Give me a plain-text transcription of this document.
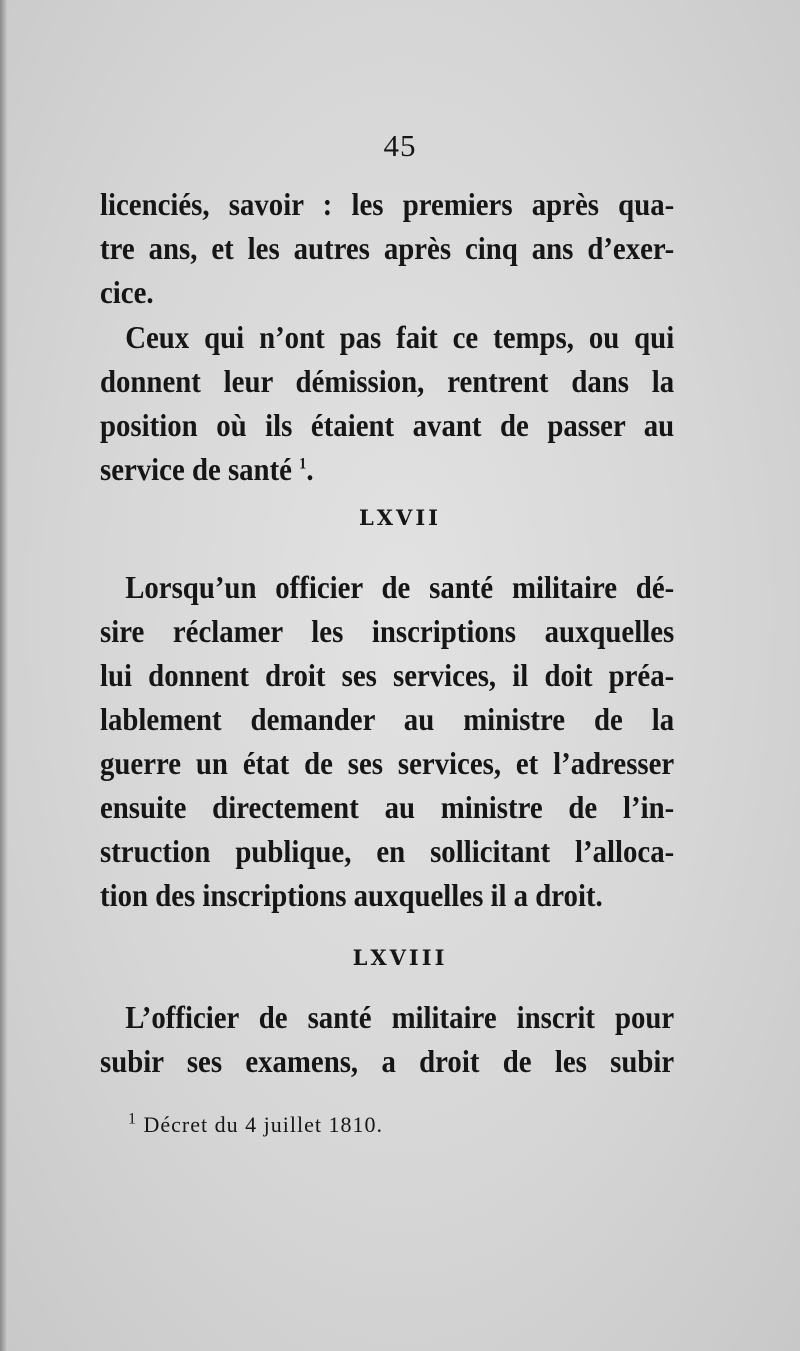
45
licenciés, savoir : les premiers après qua-
tre ans, et les autres après cinq ans d’exer-
cice.
Ceux qui n’ont pas fait ce temps, ou qui
donnent leur démission, rentrent dans la
position où ils étaient avant de passer au
service de santé $^1$.
LXVII
Lorsqu’un officier de santé militaire dé-
sire réclamer les inscriptions auxquelles
lui donnent droit ses services, il doit préa-
lablement demander au ministre de la
guerre un état de ses services, et l’adresser
ensuite directement au ministre de l’in-
struction publique, en sollicitant l’alloca-
tion des inscriptions auxquelles il a droit.
LXVIII
L’officier de santé militaire inscrit pour
subir ses examens, a droit de les subir
$^1$ Décret du 4 juillet 1810.
